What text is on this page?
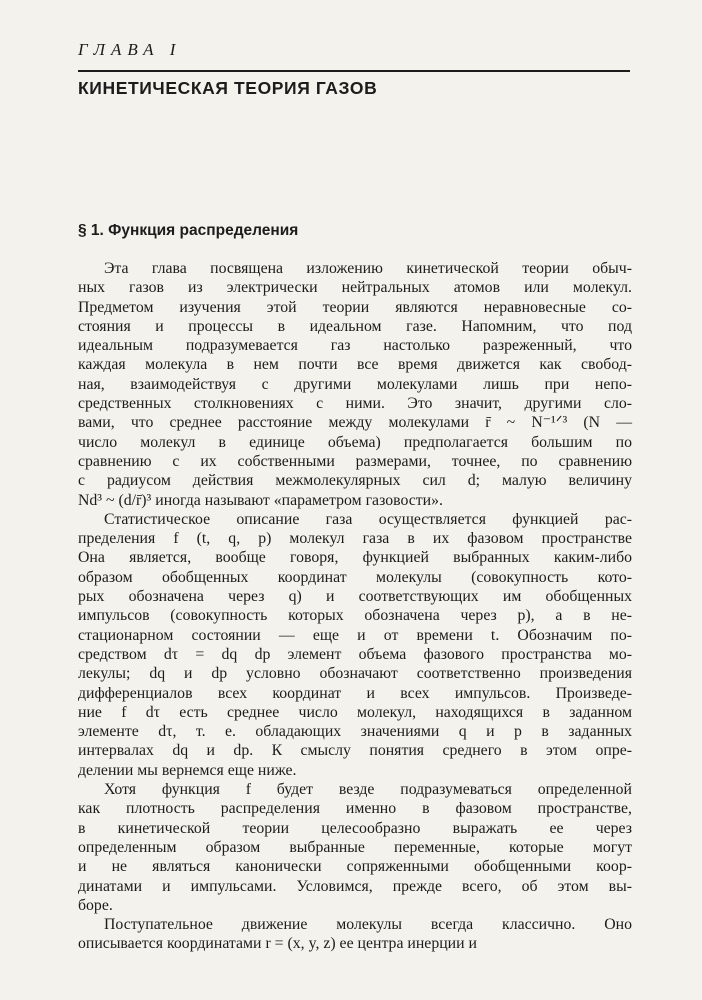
ГЛАВА I
КИНЕТИЧЕСКАЯ ТЕОРИЯ ГАЗОВ
§ 1. Функция распределения
Эта глава посвящена изложению кинетической теории обыч-
ных газов из электрически нейтральных атомов или молекул.
Предметом изучения этой теории являются неравновесные со-
стояния и процессы в идеальном газе. Напомним, что под
идеальным подразумевается газ настолько разреженный, что
каждая молекула в нем почти все время движется как свобод-
ная, взаимодействуя с другими молекулами лишь при непо-
средственных столкновениях с ними. Это значит, другими сло-
вами, что среднее расстояние между молекулами r̄ ~ N⁻¹ᐟ³ (N —
число молекул в единице объема) предполагается большим по
сравнению с их собственными размерами, точнее, по сравнению
с радиусом действия межмолекулярных сил d; малую величину
Nd³ ~ (d/r̄)³ иногда называют «параметром газовости».
Статистическое описание газа осуществляется функцией рас-
пределения f (t, q, p) молекул газа в их фазовом пространстве
Она является, вообще говоря, функцией выбранных каким-либо
образом обобщенных координат молекулы (совокупность кото-
рых обозначена через q) и соответствующих им обобщенных
импульсов (совокупность которых обозначена через p), а в не-
стационарном состоянии — еще и от времени t. Обозначим по-
средством dτ = dq dp элемент объема фазового пространства мо-
лекулы; dq и dp условно обозначают соответственно произведения
дифференциалов всех координат и всех импульсов. Произведе-
ние f dτ есть среднее число молекул, находящихся в заданном
элементе dτ, т. е. обладающих значениями q и p в заданных
интервалах dq и dp. К смыслу понятия среднего в этом опре-
делении мы вернемся еще ниже.
Хотя функция f будет везде подразумеваться определенной
как плотность распределения именно в фазовом пространстве,
в кинетической теории целесообразно выражать ее через
определенным образом выбранные переменные, которые могут
и не являться канонически сопряженными обобщенными коор-
динатами и импульсами. Условимся, прежде всего, об этом вы-
боре.
Поступательное движение молекулы всегда классично. Оно
описывается координатами r = (x, y, z) ее центра инерции и
